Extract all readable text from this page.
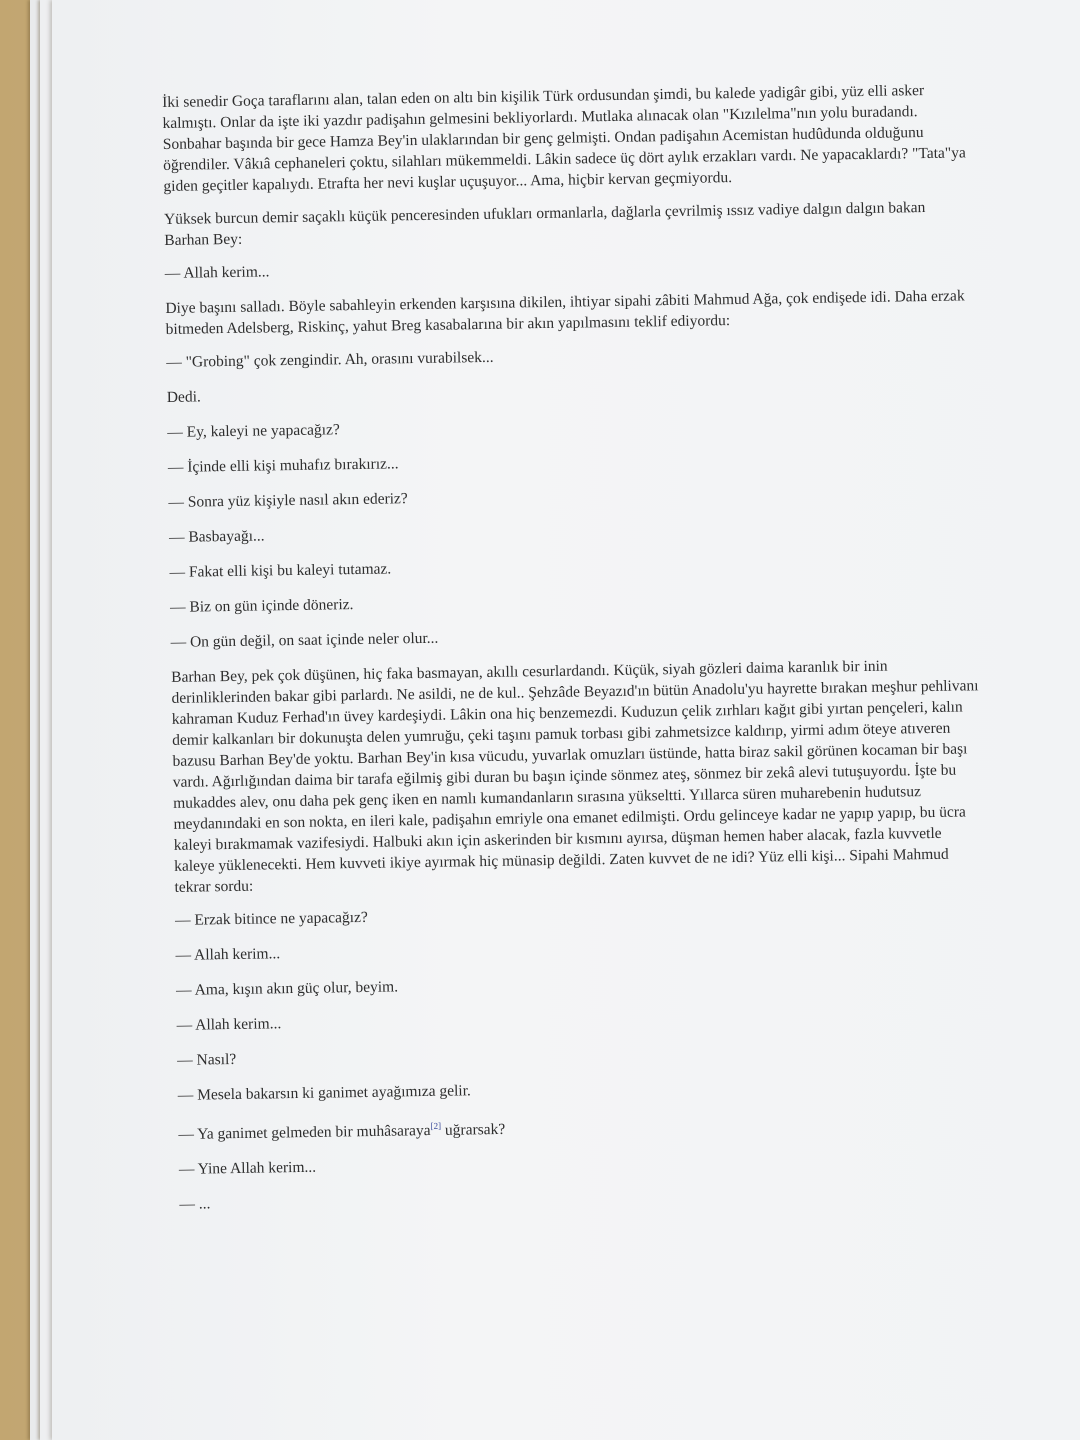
İki senedir Goça taraflarını alan, talan eden on altı bin kişilik Türk ordusundan şimdi, bu kalede yadigâr gibi, yüz elli asker kalmıştı. Onlar da işte iki yazdır padişahın gelmesini bekliyorlardı. Mutlaka alınacak olan "Kızılelma"nın yolu buradandı. Sonbahar başında bir gece Hamza Bey'in ulaklarından bir genç gelmişti. Ondan padişahın Acemistan hudûdunda olduğunu öğrendiler. Vâkıâ cephaneleri çoktu, silahları mükemmeldi. Lâkin sadece üç dört aylık erzakları vardı. Ne yapacaklardı? "Tata"ya giden geçitler kapalıydı. Etrafta her nevi kuşlar uçuşuyor... Ama, hiçbir kervan geçmiyordu.

Yüksek burcun demir saçaklı küçük penceresinden ufukları ormanlarla, dağlarla çevrilmiş ıssız vadiye dalgın dalgın bakan Barhan Bey:

— Allah kerim...

Diye başını salladı. Böyle sabahleyin erkenden karşısına dikilen, ihtiyar sipahi zâbiti Mahmud Ağa, çok endişede idi. Daha erzak bitmeden Adelsberg, Riskinç, yahut Breg kasabalarına bir akın yapılmasını teklif ediyordu:

— "Grobing" çok zengindir. Ah, orasını vurabilsek...

Dedi.

— Ey, kaleyi ne yapacağız?

— İçinde elli kişi muhafız bırakırız...

— Sonra yüz kişiyle nasıl akın ederiz?

— Basbayağı...

— Fakat elli kişi bu kaleyi tutamaz.

— Biz on gün içinde döneriz.

— On gün değil, on saat içinde neler olur...

Barhan Bey, pek çok düşünen, hiç faka basmayan, akıllı cesurlardandı. Küçük, siyah gözleri daima karanlık bir inin derinliklerinden bakar gibi parlardı. Ne asildi, ne de kul.. Şehzâde Beyazıd'ın bütün Anadolu'yu hayrette bırakan meşhur pehlivanı kahraman Kuduz Ferhad'ın üvey kardeşiydi. Lâkin ona hiç benzemezdi. Kuduzun çelik zırhları kağıt gibi yırtan pençeleri, kalın demir kalkanları bir dokunuşta delen yumruğu, çeki taşını pamuk torbası gibi zahmetsizce kaldırıp, yirmi adım öteye atıveren bazusu Barhan Bey'de yoktu. Barhan Bey'in kısa vücudu, yuvarlak omuzları üstünde, hatta biraz sakil görünen kocaman bir başı vardı. Ağırlığından daima bir tarafa eğilmiş gibi duran bu başın içinde sönmez ateş, sönmez bir zekâ alevi tutuşuyordu. İşte bu mukaddes alev, onu daha pek genç iken en namlı kumandanların sırasına yükseltti. Yıllarca süren muharebenin hudutsuz meydanındaki en son nokta, en ileri kale, padişahın emriyle ona emanet edilmişti. Ordu gelinceye kadar ne yapıp yapıp, bu ücra kaleyi bırakmamak vazifesiydi. Halbuki akın için askerinden bir kısmını ayırsa, düşman hemen haber alacak, fazla kuvvetle kaleye yüklenecekti. Hem kuvveti ikiye ayırmak hiç münasip değildi. Zaten kuvvet de ne idi? Yüz elli kişi... Sipahi Mahmud tekrar sordu:

— Erzak bitince ne yapacağız?

— Allah kerim...

— Ama, kışın akın güç olur, beyim.

— Allah kerim...

— Nasıl?

— Mesela bakarsın ki ganimet ayağımıza gelir.

— Ya ganimet gelmeden bir muhâsaraya[2] uğrarsak?

— Yine Allah kerim...

— ...
